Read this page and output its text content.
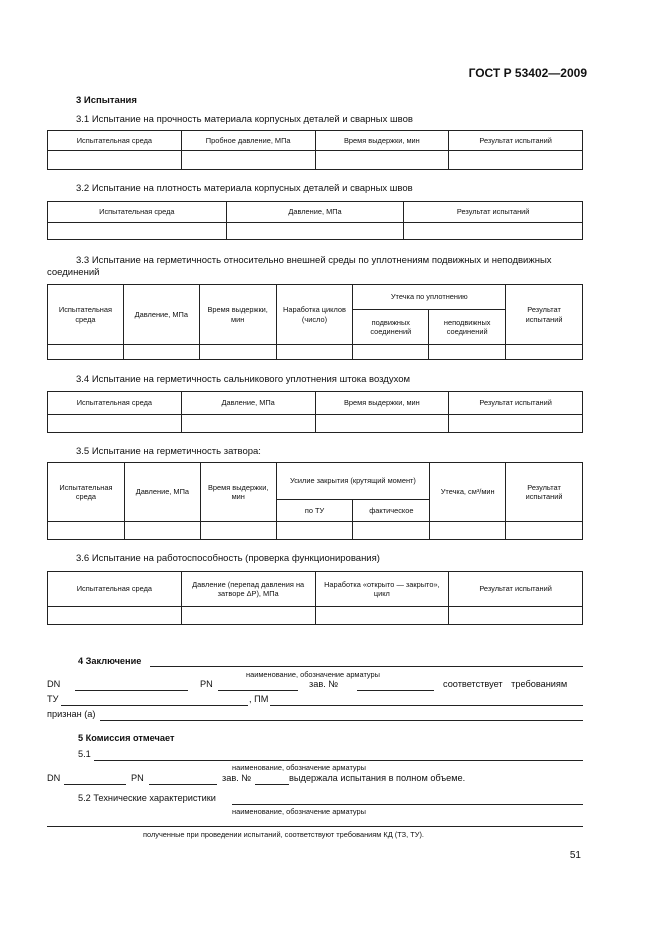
ГОСТ Р 53402—2009
3 Испытания
3.1 Испытание на прочность материала корпусных деталей и сварных швов
Испытательная среда	Пробное давление, МПа	Время выдержки, мин	Результат испытаний

3.2 Испытание на плотность материала корпусных деталей и сварных швов
Испытательная среда	Давление, МПа	Результат испытаний

3.3 Испытание на герметичность относительно внешней среды по уплотнениям подвижных и неподвижных
соединений
Испытательная среда	Давление, МПа	Время выдержки, мин	Наработка циклов (число)	Утечка по уплотнению		Результат испытаний
				подвижных соединений	неподвижных соединений	

3.4 Испытание на герметичность сальникового уплотнения штока воздухом
Испытательная среда	Давление, МПа	Время выдержки, мин	Результат испытаний

3.5 Испытание на герметичность затвора:
Испытательная среда	Давление, МПа	Время выдержки, мин	Усилие закрытия (крутящий момент)		Утечка, см³/мин	Результат испытаний
			по ТУ	фактическое		

3.6 Испытание на работоспособность (проверка функционирования)
Испытательная среда	Давление (перепад давления на затворе ΔP), МПа	Наработка «открыто — закрыто», цикл	Результат испытаний

4 Заключение
наименование, обозначение арматуры
DN	PN	зав. №	соответствует требованиям
ТУ	, ПМ
признан (а)
5 Комиссия отмечает
5.1
наименование, обозначение арматуры
DN	PN	зав. №	выдержала испытания в полном объеме.
5.2 Технические характеристики
наименование, обозначение арматуры
полученные при проведении испытаний, соответствуют требованиям КД (ТЗ, ТУ).
51
